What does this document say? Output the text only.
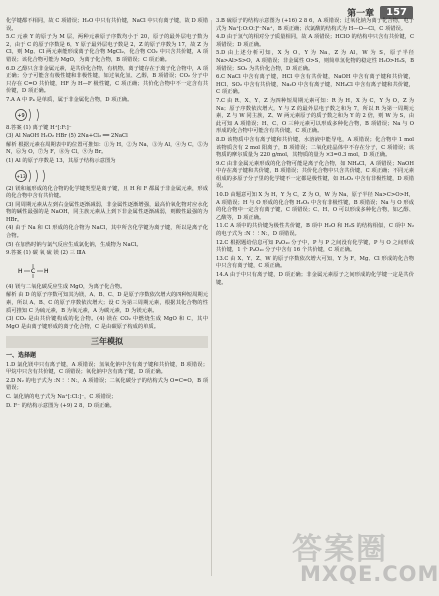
第一章	157

化学键都不相同，故 C 项错误；H₂O 中只有共价键，NaCl 中只有离子键，故 D 项错误。

5.C 元素 Y 的原子为 M 层，两种元素原子序数均小于 20，原子的最外层电子数为 2，由于 C 的原子序数是 6，Y 原子最外层电子数是 2，Z 的原子序数为 17，故 Z 为 Cl，则 Mg、Cl 两元素能形成离子化合物 MgCl₂，化合物 CO₂ 中只含共价键，A 项错误；该化合物可能为 MgO，为离子化合物，B 项错误；C 项正确。

6.D 乙醇只含非金属元素，是共价化合物，有机物，离子键存在于离子化合物中，A 项正确；分子可能含有极性键和非极性键，如过氧化氢、乙醇，B 项错误；CO₂ 分子中只存在 C=O 共价键，HF 为 H—F 极性键，C 项正确；共价化合物中不一定含有共价键，D 项正确。

7.A A 中 P₄ 是单质，属于非金属化合物，D 项正确。

+9

8.答案 (1) 离子键 H⁺[:F:]⁻

(3) Al NaOH H₂O₂ HBr (5) 2Na+Cl₂ ══ 2NaCl

解析 根据元素在周期表中的位置可推知：①为 H，②为 Na，③为 Al，④为 C，⑤为 N，⑥为 O，⑦为 F，⑧为 Cl，⑨为 Br。

(1) Al 的原子序数是 13，其原子结构示意图为

+13

(2) 镁和氟形成的化合物的化学键类型是离子键，且 H 和 F 都属于非金属元素，形成的化合物中含有共价键。

(3) 同周期元素从左到右金属性逐渐减弱，非金属性逐渐增强，最高价氧化物对应水化物的碱性最强的是 NaOH，同主族元素从上到下非金属性逐渐减弱，则酸性最强的为 HBr。

(4) 由于 Na 和 Cl 形成的化合物为 NaCl，其中所含化学键为离子键，所以是离子化合物。

(5) 在加热时钠与氯气反应生成氯化钠，生成物为 NaCl。

9.答案 (1) 碳 氧 硫 镁 (2) 三 ⅢA

H C H

(4) 镁与二氧化碳反应生成 MgO，为离子化合物。

解析 由 D 的原子序数可知其为镁，A、B、C、D 是原子序数依次增大的四种短周期元素，所以 A、B、C 的原子序数依次增大；设 C 为第三周期元素，根据其化合物的性质可推知 C 为硫元素，B 为氧元素，A 为碳元素，D 为镁元素。

(3) CO₂ 是由共价键构成的化合物。(4) 镁在 CO₂ 中燃烧生成 MgO 和 C，其中 MgO 是由离子键形成的离子化合物，C 是由碳原子构成的单质。

三年模拟
一、选择题

1.D 氯化镁中只有离子键，A 项错误；氢氧化钠中含有离子键和共价键，B 项错误；甲烷中只含有共价键，C 项错误；氧化钠中含有离子键，D 项正确。

2.D N₂ 的电子式为 :N⋮⋮N:，A 项错误；二氧化碳分子的结构式为 O=C=O，B 项错误；

C. 氯化钠的电子式为 Na⁺[:Cl:]⁻，C 项错误；

D. F⁻ 的结构示意图为 (+9) 2 8，D 项正确。

3.B 硫原子的结构示意图为 (+16) 2 8 6，A 项错误；过氧化钠为离子化合物，电子式为 Na⁺[:O:O:]²⁻Na⁺，B 项正确；次氯酸的结构式为 H—O—Cl，C 项错误。

4.D 由于氢气的相对分子质量相同，故 A 项错误；HClO 的结构中只含有共价键，C 项错误；D 项正确。

5.D 由上述分析可知，X 为 O，Y 为 Na，Z 为 Al，W 为 S，原子半径 Na>Al>S>O，A 项错误；非金属性 O>S，则简单氢化物的稳定性 H₂O>H₂S，B 项错误；SO₂ 为共价化合物，D 项正确。

6.C NaCl 中含有离子键，HCl 中含有共价键，NaOH 中含有离子键和共价键，HCl、SO₂ 中含有共价键，Na₂O 中含有离子键，NH₄Cl 中含有离子键和共价键，C 项正确。

7.C 由 R、X、Y、Z 为四种短周期元素可知：R 为 H，X 为 C，Y 为 O，Z 为 Na；原子序数依次增大，Y 与 Z 的最外层电子数之和为 7，所以 R 为第一周期元素，Z 与 W 同主族，Z、W 两元素原子的质子数之和为 Y 的 2 倍，则 W 为 S，由此可知 A 项错误；H、C、O 三种元素可以形成多种化合物，B 项错误；Na 与 O 形成的化合物中可能含有共价键，C 项正确。

8.D 该物质中含有离子键和共价键，水溶液中能导电，A 项错误；化合物中 1 mol 该物质含有 2 mol 阳离子，B 项错误；二氧化硅晶体中不存在分子，C 项错误；该物质的摩尔质量为 220 g/mol，其物质的量为 ×3=0.3 mol，D 项正确。

9.C 由非金属元素形成的化合物可能是离子化合物，如 NH₄Cl，A 项错误；NaOH 中存在离子键和共价键，B 项错误；共价化合物中只含共价键，C 项正确；不同元素组成的多原子分子里的化学键不一定都是极性键，如 H₂O₂ 中含有非极性键，D 项错误。

10.D 由题意可知 X 为 H，Y 为 C，Z 为 O，W 为 Na，原子半径 Na>C>O>H，A 项错误；H 与 O 形成的化合物 H₂O₂ 中含有非极性键，B 项错误；Na 与 O 形成的化合物中一定含有离子键，C 项错误；C、H、O 可以形成多种化合物，如乙醇、乙酸等，D 项正确。

11.C A 项中的共价键为极性共价键，B 项中 H₂O 和 H₂S 的结构相似，C 项中 N₂ 的电子式为 :N⋮⋮N:，D 项错误。

12.C 根据题给信息可知 P₄O₁₀ 分子中，P 与 P 之间没有化学键，P 与 O 之间形成共价键，1 个 P₄O₁₀ 分子中含有 16 个共价键，C 项正确。

13.C 由 X、Y、Z、W 的原子序数依次增大可知，Y 为 F，Mg、Cl 形成的化合物中只含有离子键，C 项正确。

14.A 由于中只有离子键，D 项正确；非金属元素原子之间形成的化学键一定是共价键。

答案圈
MXQE.COM
